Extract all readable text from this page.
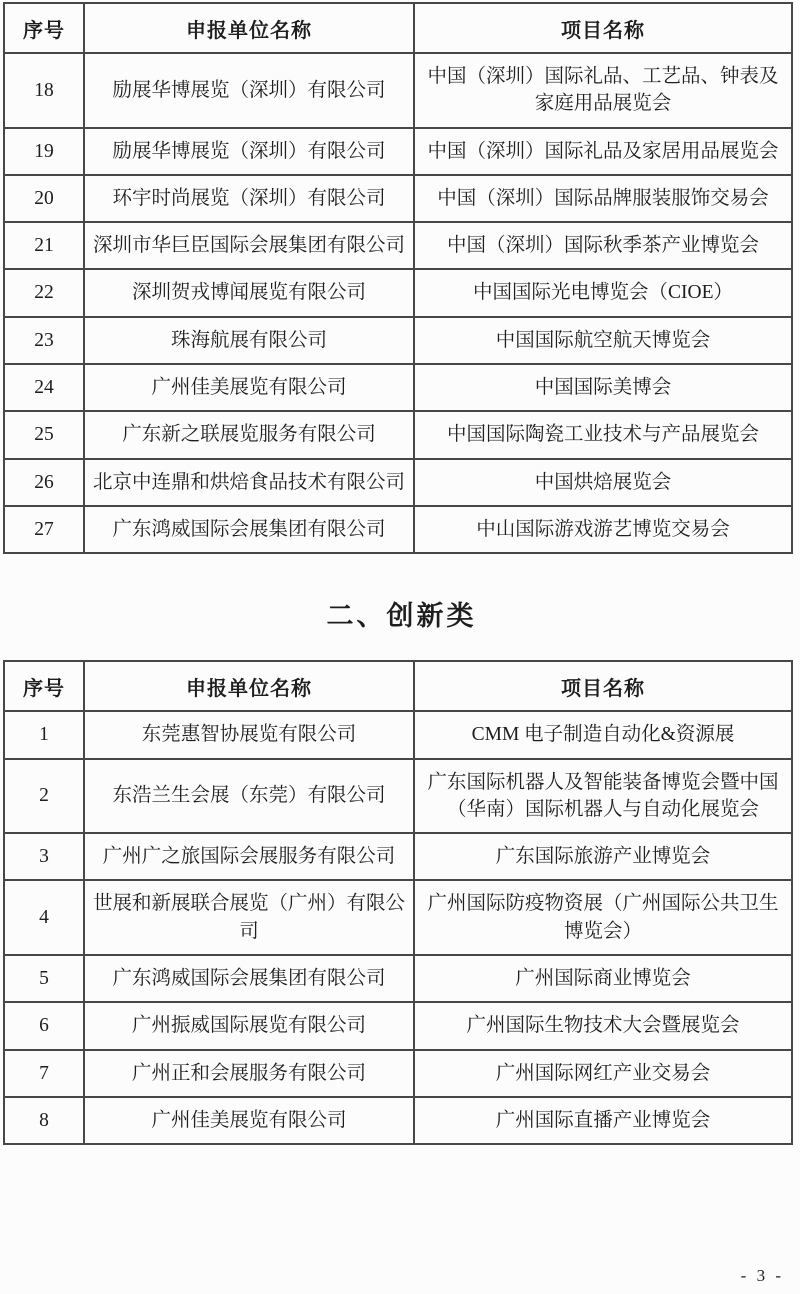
序号	申报单位名称	项目名称
18	励展华博展览（深圳）有限公司	中国（深圳）国际礼品、工艺品、钟表及家庭用品展览会
19	励展华博展览（深圳）有限公司	中国（深圳）国际礼品及家居用品展览会
20	环宇时尚展览（深圳）有限公司	中国（深圳）国际品牌服装服饰交易会
21	深圳市华巨臣国际会展集团有限公司	中国（深圳）国际秋季茶产业博览会
22	深圳贺戎博闻展览有限公司	中国国际光电博览会（CIOE）
23	珠海航展有限公司	中国国际航空航天博览会
24	广州佳美展览有限公司	中国国际美博会
25	广东新之联展览服务有限公司	中国国际陶瓷工业技术与产品展览会
26	北京中连鼎和烘焙食品技术有限公司	中国烘焙展览会
27	广东鸿威国际会展集团有限公司	中山国际游戏游艺博览交易会
二、创新类
序号	申报单位名称	项目名称
1	东莞惠智协展览有限公司	CMM 电子制造自动化&资源展
2	东浩兰生会展（东莞）有限公司	广东国际机器人及智能装备博览会暨中国（华南）国际机器人与自动化展览会
3	广州广之旅国际会展服务有限公司	广东国际旅游产业博览会
4	世展和新展联合展览（广州）有限公司	广州国际防疫物资展（广州国际公共卫生博览会）
5	广东鸿威国际会展集团有限公司	广州国际商业博览会
6	广州振威国际展览有限公司	广州国际生物技术大会暨展览会
7	广州正和会展服务有限公司	广州国际网红产业交易会
8	广州佳美展览有限公司	广州国际直播产业博览会
- 3 -
